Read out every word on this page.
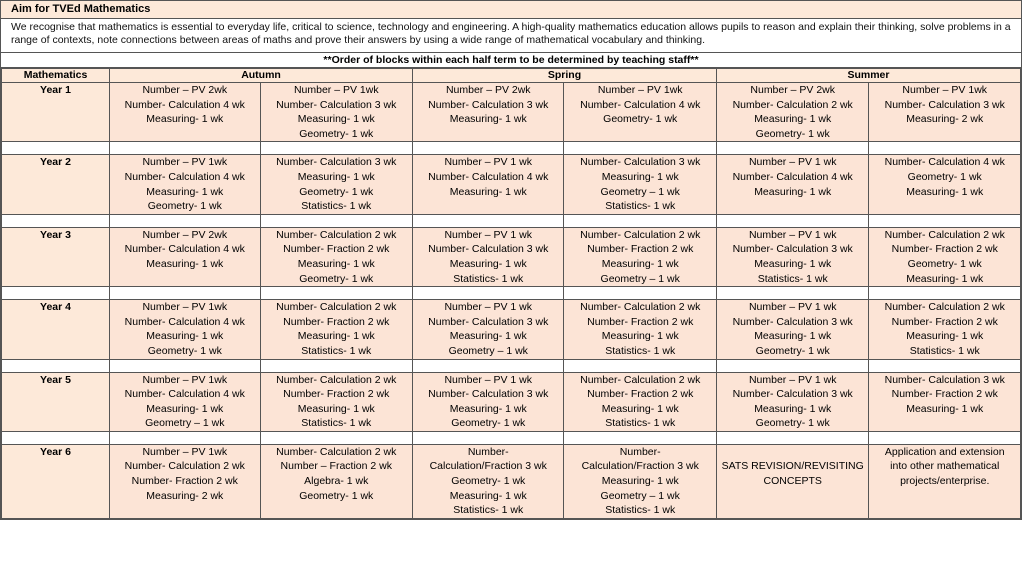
Aim for TVEd Mathematics
We recognise that mathematics is essential to everyday life, critical to science, technology and engineering. A high-quality mathematics education allows pupils to reason and explain their thinking, solve problems in a range of contexts, note connections between areas of maths and prove their answers by using a wide range of mathematical vocabulary and thinking.
**Order of blocks within each half term to be determined by teaching staff**
Mathematics	Autumn		Spring		Summer	
Year 1	Number – PV 2wk
Number- Calculation 4 wk
Measuring- 1 wk	Number – PV 1wk
Number- Calculation 3 wk
Measuring- 1 wk
Geometry- 1 wk	Number – PV 2wk
Number- Calculation 3 wk
Measuring- 1 wk	Number – PV 1wk
Number- Calculation 4 wk
Geometry- 1 wk	Number – PV 2wk
Number- Calculation 2 wk
Measuring- 1 wk
Geometry- 1 wk	Number – PV 1wk
Number- Calculation 3 wk
Measuring- 2 wk

Year 2	Number – PV 1wk
Number- Calculation 4 wk
Measuring- 1 wk
Geometry- 1 wk	Number- Calculation 3 wk
Measuring- 1 wk
Geometry- 1 wk
Statistics- 1 wk	Number – PV 1 wk
Number- Calculation 4 wk
Measuring- 1 wk	Number- Calculation 3 wk
Measuring- 1 wk
Geometry – 1 wk
Statistics- 1 wk	Number – PV 1 wk
Number- Calculation 4 wk
Measuring- 1 wk	Number- Calculation 4 wk
Geometry- 1 wk
Measuring- 1 wk

Year 3	Number – PV 2wk
Number- Calculation 4 wk
Measuring- 1 wk	Number- Calculation 2 wk
Number- Fraction 2 wk
Measuring- 1 wk
Geometry- 1 wk	Number – PV 1 wk
Number- Calculation 3 wk
Measuring- 1 wk
Statistics- 1 wk	Number- Calculation 2 wk
Number- Fraction 2 wk
Measuring- 1 wk
Geometry – 1 wk	Number – PV 1 wk
Number- Calculation 3 wk
Measuring- 1 wk
Statistics- 1 wk	Number- Calculation 2 wk
Number- Fraction 2 wk
Geometry- 1 wk
Measuring- 1 wk

Year 4	Number – PV 1wk
Number- Calculation 4 wk
Measuring- 1 wk
Geometry- 1 wk	Number- Calculation 2 wk
Number- Fraction 2 wk
Measuring- 1 wk
Statistics- 1 wk	Number – PV 1 wk
Number- Calculation 3 wk
Measuring- 1 wk
Geometry – 1 wk	Number- Calculation 2 wk
Number- Fraction 2 wk
Measuring- 1 wk
Statistics- 1 wk	Number – PV 1 wk
Number- Calculation 3 wk
Measuring- 1 wk
Geometry- 1 wk	Number- Calculation 2 wk
Number- Fraction 2 wk
Measuring- 1 wk
Statistics- 1 wk

Year 5	Number – PV 1wk
Number- Calculation 4 wk
Measuring- 1 wk
Geometry – 1 wk	Number- Calculation 2 wk
Number- Fraction 2 wk
Measuring- 1 wk
Statistics- 1 wk	Number – PV 1 wk
Number- Calculation 3 wk
Measuring- 1 wk
Geometry- 1 wk	Number- Calculation 2 wk
Number- Fraction 2 wk
Measuring- 1 wk
Statistics- 1 wk	Number – PV 1 wk
Number- Calculation 3 wk
Measuring- 1 wk
Geometry- 1 wk	Number- Calculation 3 wk
Number- Fraction 2 wk
Measuring- 1 wk

Year 6	Number – PV 1wk
Number- Calculation 2 wk
Number- Fraction 2 wk
Measuring- 2 wk	Number- Calculation 2 wk
Number – Fraction 2 wk
Algebra- 1 wk
Geometry- 1 wk	Number-
Calculation/Fraction 3 wk
Geometry- 1 wk
Measuring- 1 wk
Statistics- 1 wk	Number-
Calculation/Fraction 3 wk
Measuring- 1 wk
Geometry – 1 wk
Statistics- 1 wk	SATS REVISION/REVISITING
CONCEPTS	Application and extension
into other mathematical
projects/enterprise.
